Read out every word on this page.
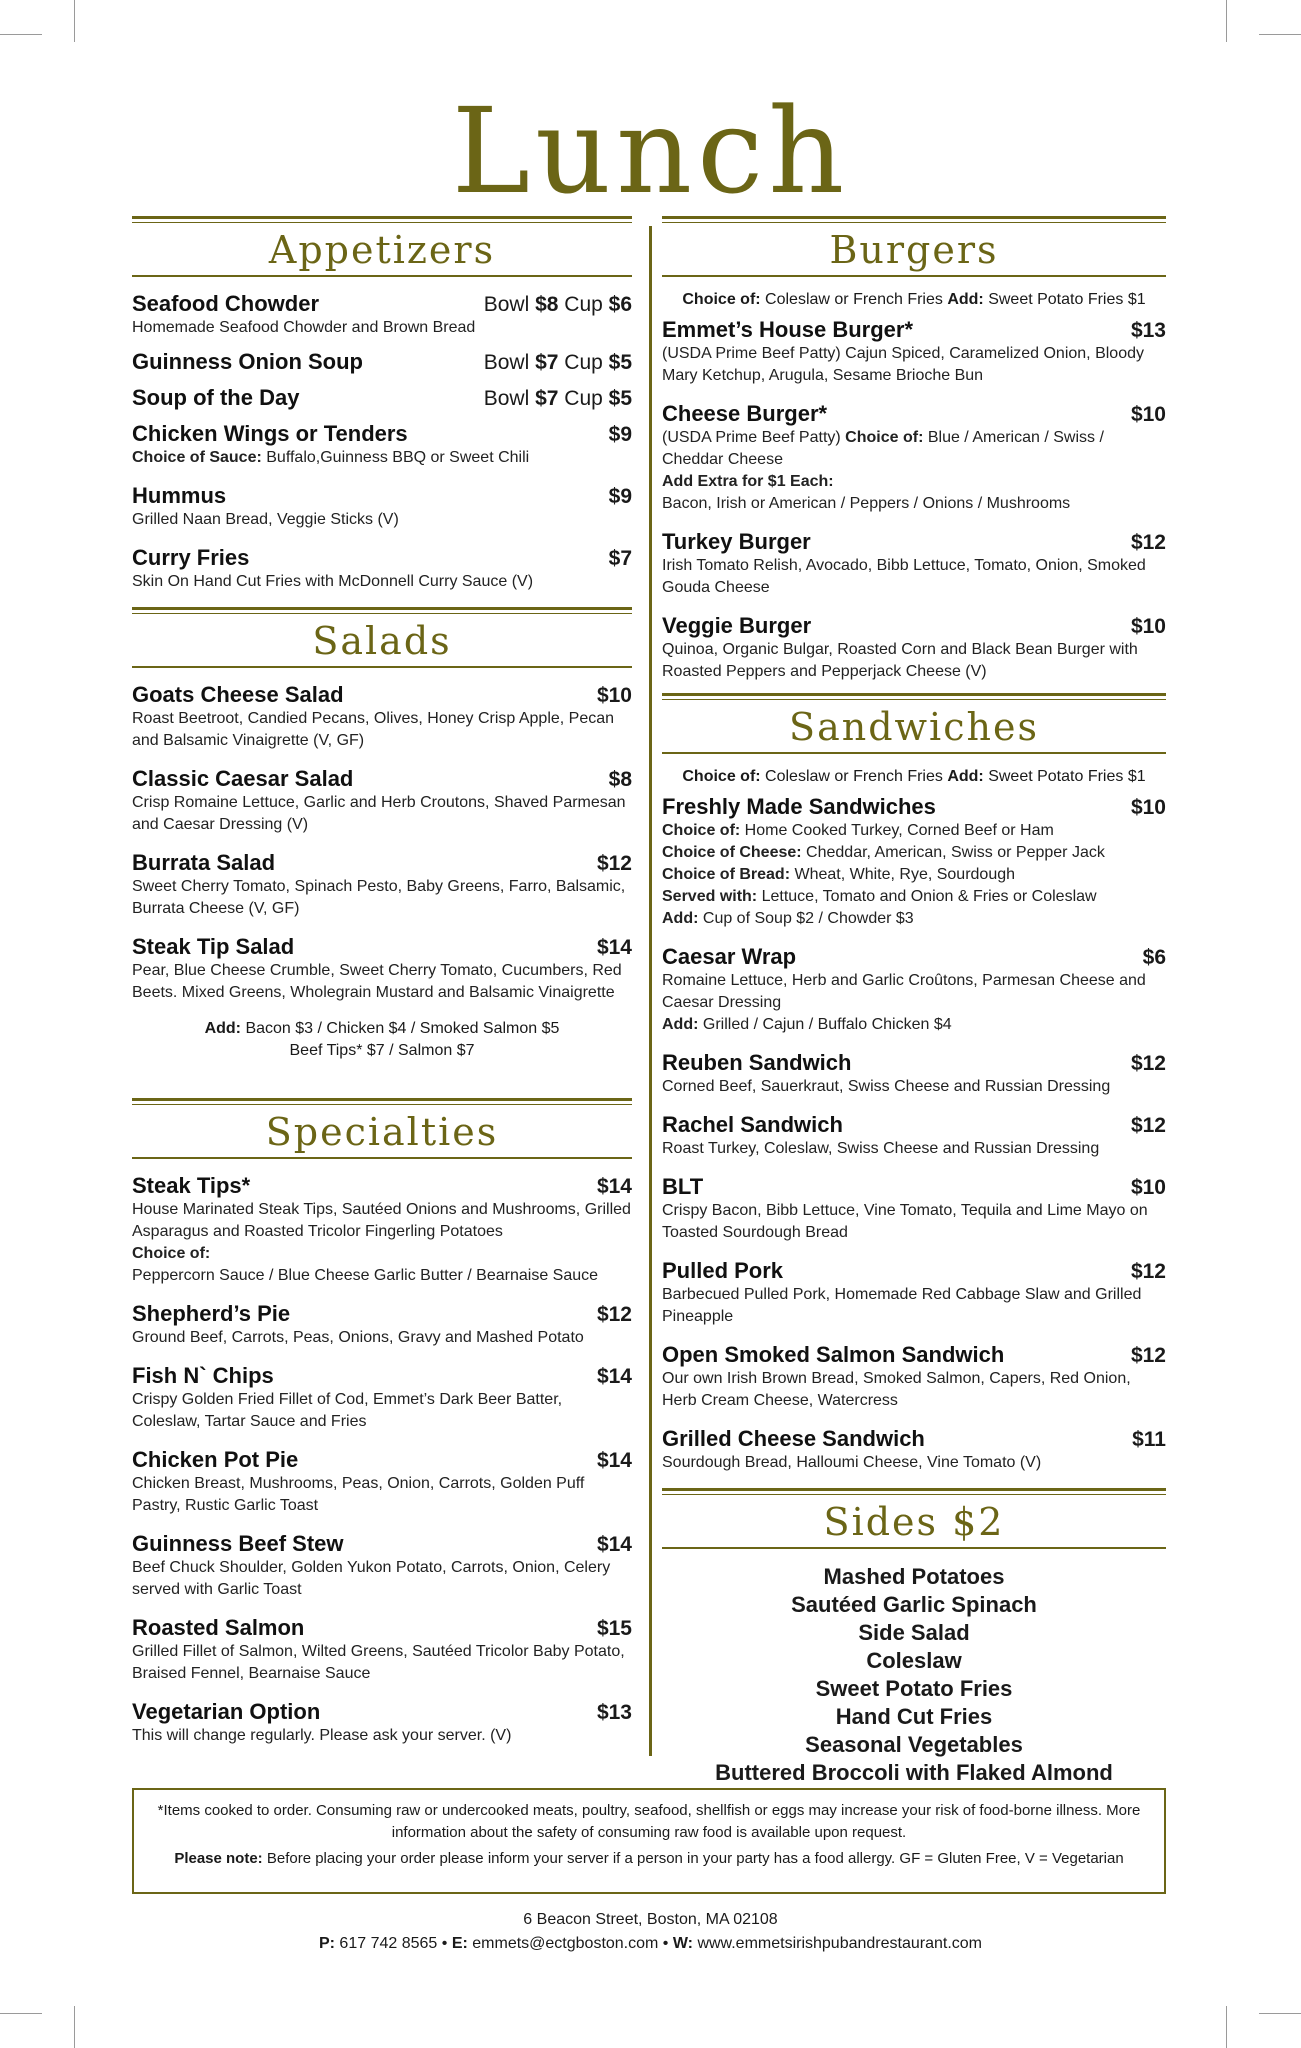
Lunch
Appetizers
Seafood Chowder	Bowl $8 Cup $6
Homemade Seafood Chowder and Brown Bread
Guinness Onion Soup	Bowl $7 Cup $5
Soup of the Day	Bowl $7 Cup $5
Chicken Wings or Tenders	$9
Choice of Sauce: Buffalo,Guinness BBQ or Sweet Chili
Hummus	$9
Grilled Naan Bread, Veggie Sticks (V)
Curry Fries	$7
Skin On Hand Cut Fries with McDonnell Curry Sauce (V)
Salads
Goats Cheese Salad	$10
Roast Beetroot, Candied Pecans, Olives, Honey Crisp Apple, Pecan and Balsamic Vinaigrette (V, GF)
Classic Caesar Salad	$8
Crisp Romaine Lettuce, Garlic and Herb Croutons, Shaved Parmesan and Caesar Dressing (V)
Burrata Salad	$12
Sweet Cherry Tomato, Spinach Pesto, Baby Greens, Farro, Balsamic, Burrata Cheese (V, GF)
Steak Tip Salad	$14
Pear, Blue Cheese Crumble, Sweet Cherry Tomato, Cucumbers, Red Beets. Mixed Greens, Wholegrain Mustard and Balsamic Vinaigrette
Add: Bacon $3 / Chicken $4 / Smoked Salmon $5
Beef Tips* $7 / Salmon $7
Specialties
Steak Tips*	$14
House Marinated Steak Tips, Sautéed Onions and Mushrooms, Grilled Asparagus and Roasted Tricolor Fingerling Potatoes
Choice of:
Peppercorn Sauce / Blue Cheese Garlic Butter / Bearnaise Sauce
Shepherd’s Pie	$12
Ground Beef, Carrots, Peas, Onions, Gravy and Mashed Potato
Fish N` Chips	$14
Crispy Golden Fried Fillet of Cod, Emmet’s Dark Beer Batter, Coleslaw, Tartar Sauce and Fries
Chicken Pot Pie	$14
Chicken Breast, Mushrooms, Peas, Onion, Carrots, Golden Puff Pastry, Rustic Garlic Toast
Guinness Beef Stew	$14
Beef Chuck Shoulder, Golden Yukon Potato, Carrots, Onion, Celery served with Garlic Toast
Roasted Salmon	$15
Grilled Fillet of Salmon, Wilted Greens, Sautéed Tricolor Baby Potato, Braised Fennel, Bearnaise Sauce
Vegetarian Option	$13
This will change regularly. Please ask your server. (V)
Burgers
Choice of: Coleslaw or French Fries Add: Sweet Potato Fries $1
Emmet’s House Burger*	$13
(USDA Prime Beef Patty) Cajun Spiced, Caramelized Onion, Bloody Mary Ketchup, Arugula, Sesame Brioche Bun
Cheese Burger*	$10
(USDA Prime Beef Patty) Choice of: Blue / American / Swiss / Cheddar Cheese
Add Extra for $1 Each:
Bacon, Irish or American / Peppers / Onions / Mushrooms
Turkey Burger	$12
Irish Tomato Relish, Avocado, Bibb Lettuce, Tomato, Onion, Smoked Gouda Cheese
Veggie Burger	$10
Quinoa, Organic Bulgar, Roasted Corn and Black Bean Burger with Roasted Peppers and Pepperjack Cheese (V)
Sandwiches
Choice of: Coleslaw or French Fries Add: Sweet Potato Fries $1
Freshly Made Sandwiches	$10
Choice of: Home Cooked Turkey, Corned Beef or Ham
Choice of Cheese: Cheddar, American, Swiss or Pepper Jack
Choice of Bread: Wheat, White, Rye, Sourdough
Served with: Lettuce, Tomato and Onion & Fries or Coleslaw
Add: Cup of Soup $2 / Chowder $3
Caesar Wrap	$6
Romaine Lettuce, Herb and Garlic Croûtons, Parmesan Cheese and Caesar Dressing
Add: Grilled / Cajun / Buffalo Chicken $4
Reuben Sandwich	$12
Corned Beef, Sauerkraut, Swiss Cheese and Russian Dressing
Rachel Sandwich	$12
Roast Turkey, Coleslaw, Swiss Cheese and Russian Dressing
BLT	$10
Crispy Bacon, Bibb Lettuce, Vine Tomato, Tequila and Lime Mayo on Toasted Sourdough Bread
Pulled Pork	$12
Barbecued Pulled Pork, Homemade Red Cabbage Slaw and Grilled Pineapple
Open Smoked Salmon Sandwich	$12
Our own Irish Brown Bread, Smoked Salmon, Capers, Red Onion, Herb Cream Cheese, Watercress
Grilled Cheese Sandwich	$11
Sourdough Bread, Halloumi Cheese, Vine Tomato (V)
Sides $2
Mashed Potatoes
Sautéed Garlic Spinach
Side Salad
Coleslaw
Sweet Potato Fries
Hand Cut Fries
Seasonal Vegetables
Buttered Broccoli with Flaked Almond
*Items cooked to order. Consuming raw or undercooked meats, poultry, seafood, shellfish or eggs may increase your risk of food-borne illness. More information about the safety of consuming raw food is available upon request.
Please note: Before placing your order please inform your server if a person in your party has a food allergy. GF = Gluten Free, V = Vegetarian
6 Beacon Street, Boston, MA 02108
P: 617 742 8565 • E: emmets@ectgboston.com • W: www.emmetsirishpubandrestaurant.com
